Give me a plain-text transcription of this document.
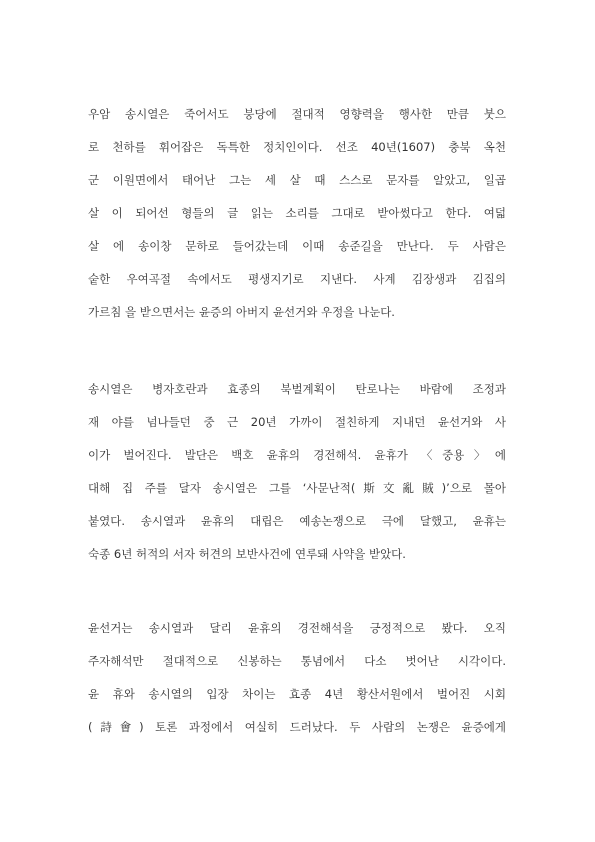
우암 송시열은 죽어서도 붕당에 절대적 영향력을 행사한 만큼 붓으
로 천하를 휘어잡은 독특한 정치인이다. 선조 40년(1607) 충북 옥천
군 이원면에서 태어난 그는 세 살 때 스스로 문자를 알았고, 일곱
살 이 되어선 형들의 글 읽는 소리를 그대로 받아썼다고 한다. 여덟
살 에 송이창 문하로 들어갔는데 이때 송준길을 만난다. 두 사람은
숱한 우여곡절 속에서도 평생지기로 지낸다. 사계 김장생과 김집의
가르침 을 받으면서는 윤증의 아버지 윤선거와 우정을 나눈다.
송시열은 병자호란과 효종의 북벌계획이 탄로나는 바람에 조정과
재 야를 넘나들던 중 근 20년 가까이 절친하게 지내던 윤선거와 사
이가 벌어진다. 발단은 백호 윤휴의 경전해석. 윤휴가 〈중용〉에
대해 집 주를 달자 송시열은 그를 ‘사문난적(斯文亂賊)’으로 몰아
붙였다. 송시열과 윤휴의 대립은 예송논쟁으로 극에 달했고, 윤휴는
숙종 6년 허적의 서자 허견의 보반사건에 연루돼 사약을 받았다.
윤선거는 송시열과 달리 윤휴의 경전해석을 긍정적으로 봤다. 오직
주자해석만 절대적으로 신봉하는 통념에서 다소 벗어난 시각이다.
윤 휴와 송시열의 입장 차이는 효종 4년 황산서원에서 벌어진 시회
(詩會) 토론 과정에서 여실히 드러났다. 두 사람의 논쟁은 윤증에게
